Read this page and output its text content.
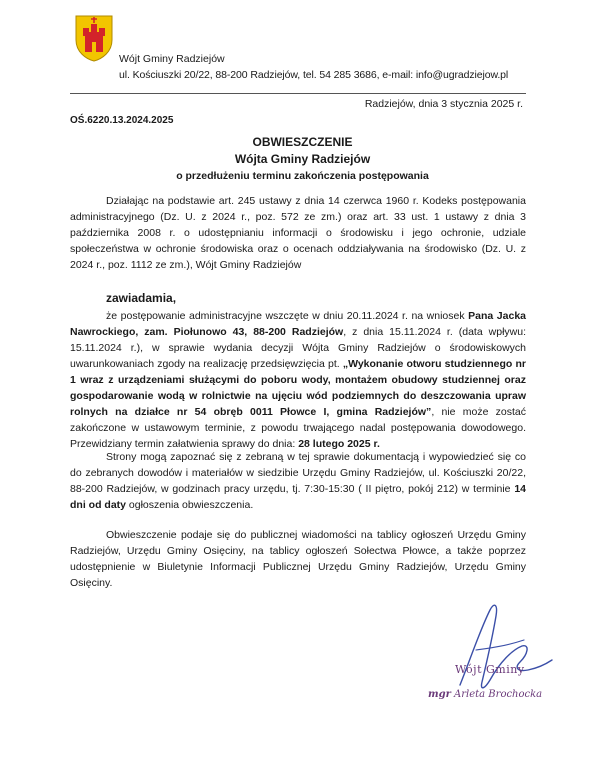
Wójt Gminy Radziejów
ul. Kościuszki 20/22, 88-200 Radziejów, tel. 54 285 3686, e-mail: info@ugradziejow.pl
Radziejów, dnia 3 stycznia 2025 r.
OŚ.6220.13.2024.2025
OBWIESZCZENIE
Wójta Gminy Radziejów
o przedłużeniu terminu zakończenia postępowania

Działając na podstawie art. 245 ustawy z dnia 14 czerwca 1960 r. Kodeks postępowania administracyjnego (Dz. U. z 2024 r., poz. 572 ze zm.) oraz art. 33 ust. 1 ustawy z dnia 3 października 2008 r. o udostępnianiu informacji o środowisku i jego ochronie, udziale społeczeństwa w ochronie środowiska oraz o ocenach oddziaływania na środowisko (Dz. U. z 2024 r., poz. 1112 ze zm.), Wójt Gminy Radziejów

zawiadamia,

że postępowanie administracyjne wszczęte w dniu 20.11.2024 r. na wniosek Pana Jacka Nawrockiego, zam. Piołunowo 43, 88-200 Radziejów, z dnia 15.11.2024 r. (data wpływu: 15.11.2024 r.), w sprawie wydania decyzji Wójta Gminy Radziejów o środowiskowych uwarunkowaniach zgody na realizację przedsięwzięcia pt. „Wykonanie otworu studziennego nr 1 wraz z urządzeniami służącymi do poboru wody, montażem obudowy studziennej oraz gospodarowanie wodą w rolnictwie na ujęciu wód podziemnych do deszczowania upraw rolnych na działce nr 54 obręb 0011 Płowce I, gmina Radziejów”, nie może zostać zakończone w ustawowym terminie, z powodu trwającego nadal postępowania dowodowego. Przewidziany termin załatwienia sprawy do dnia: 28 lutego 2025 r.

Strony mogą zapoznać się z zebraną w tej sprawie dokumentacją i wypowiedzieć się co do zebranych dowodów i materiałów w siedzibie Urzędu Gminy Radziejów, ul. Kościuszki 20/22, 88-200 Radziejów, w godzinach pracy urzędu, tj. 7:30-15:30 ( II piętro, pokój 212) w terminie 14 dni od daty ogłoszenia obwieszczenia.

Obwieszczenie podaje się do publicznej wiadomości na tablicy ogłoszeń Urzędu Gminy Radziejów, Urzędu Gminy Osięciny, na tablicy ogłoszeń Sołectwa Płowce, a także poprzez udostępnienie w Biuletynie Informacji Publicznej Urzędu Gminy Radziejów, Urzędu Gminy Osięciny.

Wójt Gminy
mgr Arleta Brochocka
